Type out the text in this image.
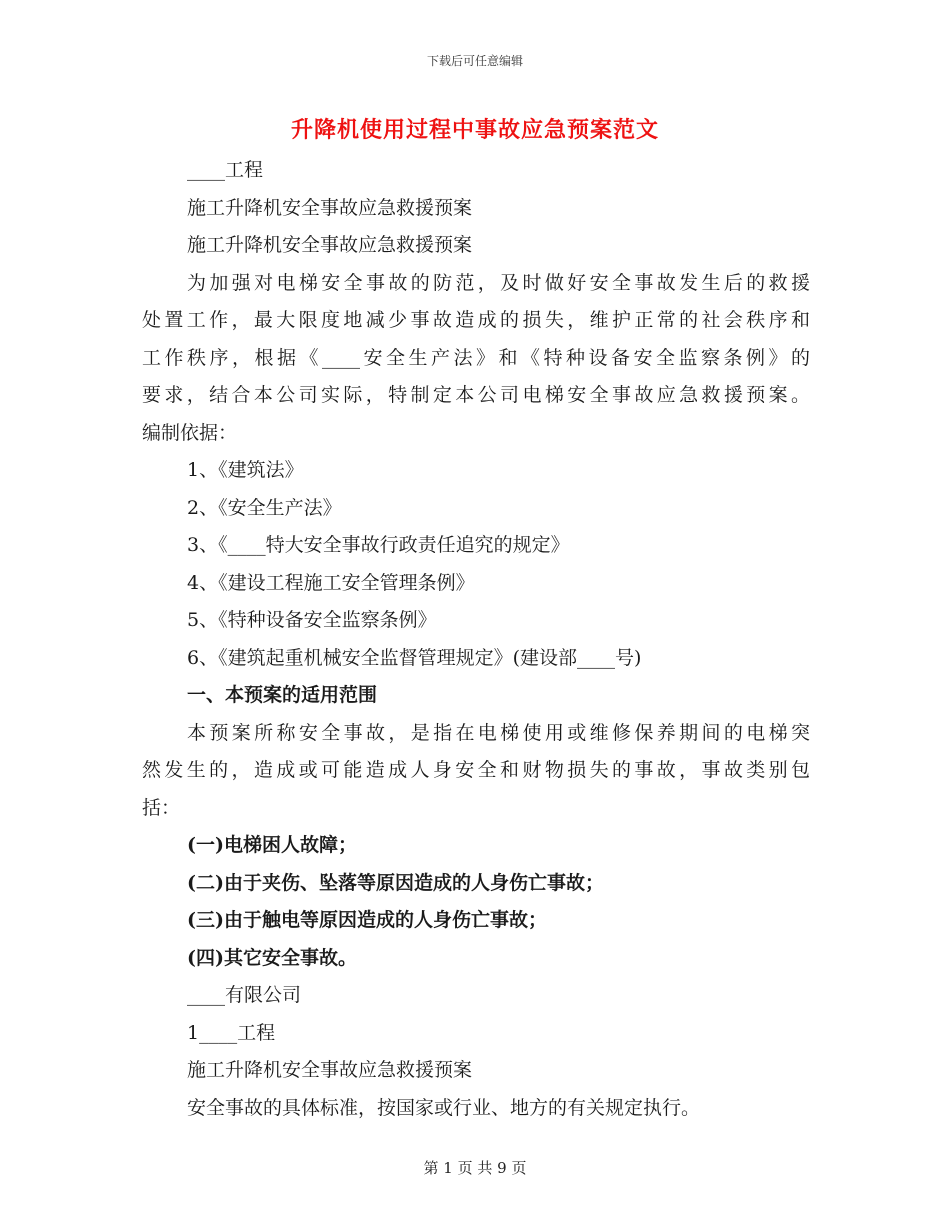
下载后可任意编辑
升降机使用过程中事故应急预案范文
____工程
施工升降机安全事故应急救援预案
施工升降机安全事故应急救援预案
为加强对电梯安全事故的防范，及时做好安全事故发生后的救援
处置工作，最大限度地减少事故造成的损失，维护正常的社会秩序和
工作秩序，根据《____安全生产法》和《特种设备安全监察条例》的
要求，结合本公司实际，特制定本公司电梯安全事故应急救援预案。
编制依据：
1、《建筑法》
2、《安全生产法》
3、《____特大安全事故行政责任追究的规定》
4、《建设工程施工安全管理条例》
5、《特种设备安全监察条例》
6、《建筑起重机械安全监督管理规定》(建设部____号)
一、本预案的适用范围
本预案所称安全事故，是指在电梯使用或维修保养期间的电梯突
然发生的，造成或可能造成人身安全和财物损失的事故，事故类别包
括：
(一)电梯困人故障；
(二)由于夹伤、坠落等原因造成的人身伤亡事故；
(三)由于触电等原因造成的人身伤亡事故；
(四)其它安全事故。
____有限公司
1____工程
施工升降机安全事故应急救援预案
安全事故的具体标准，按国家或行业、地方的有关规定执行。
第 1 页 共 9 页
